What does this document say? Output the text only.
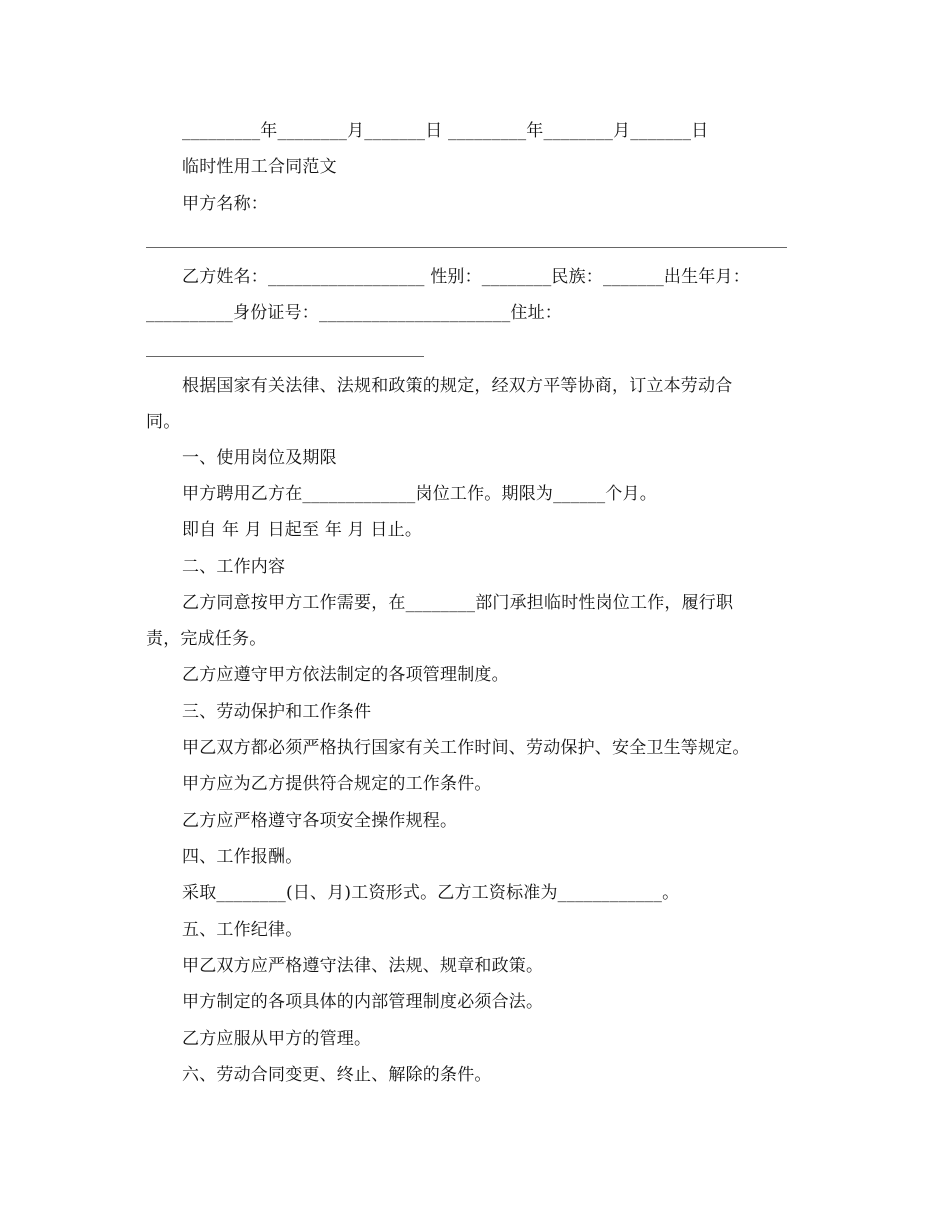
_________年________月_______日 _________年________月_______日
临时性用工合同范文
甲方名称：
乙方姓名：__________________ 性别：________民族：_______出生年月：
__________身份证号：______________________住址：
根据国家有关法律、法规和政策的规定，经双方平等协商，订立本劳动合
同。
一、使用岗位及期限
甲方聘用乙方在_____________岗位工作。期限为______个月。
即自 年 月 日起至 年 月 日止。
二、工作内容
乙方同意按甲方工作需要，在________部门承担临时性岗位工作，履行职
责，完成任务。
乙方应遵守甲方依法制定的各项管理制度。
三、劳动保护和工作条件
甲乙双方都必须严格执行国家有关工作时间、劳动保护、安全卫生等规定。
甲方应为乙方提供符合规定的工作条件。
乙方应严格遵守各项安全操作规程。
四、工作报酬。
采取________(日、月)工资形式。乙方工资标准为____________。
五、工作纪律。
甲乙双方应严格遵守法律、法规、规章和政策。
甲方制定的各项具体的内部管理制度必须合法。
乙方应服从甲方的管理。
六、劳动合同变更、终止、解除的条件。
